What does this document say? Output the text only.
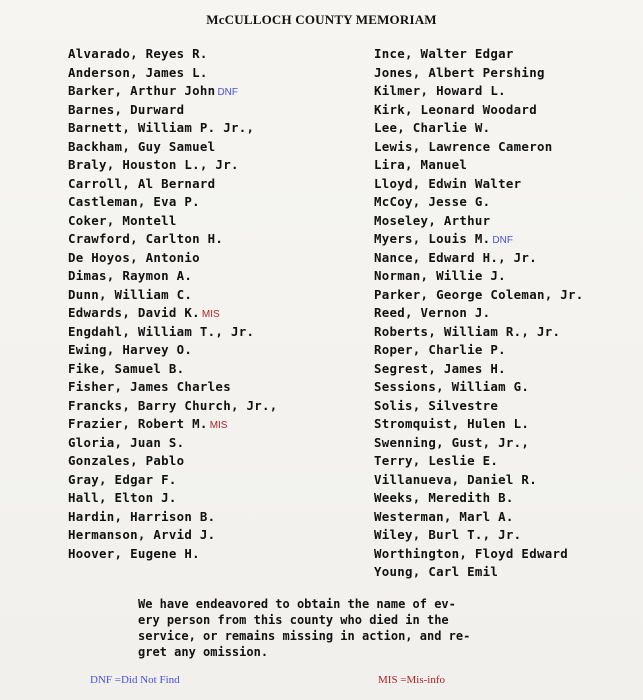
McCULLOCH COUNTY MEMORIAM
Alvarado, Reyes R.
Anderson, James L.
Barker, Arthur John DNF
Barnes, Durward
Barnett, William P. Jr.,
Backham, Guy Samuel
Braly, Houston L., Jr.
Carroll, Al Bernard
Castleman, Eva P.
Coker, Montell
Crawford, Carlton H.
De Hoyos, Antonio
Dimas, Raymon A.
Dunn, William C.
Edwards, David K. MIS
Engdahl, William T., Jr.
Ewing, Harvey O.
Fike, Samuel B.
Fisher, James Charles
Francks, Barry Church, Jr.,
Frazier, Robert M. MIS
Gloria, Juan S.
Gonzales, Pablo
Gray, Edgar F.
Hall, Elton J.
Hardin, Harrison B.
Hermanson, Arvid J.
Hoover, Eugene H.
Ince, Walter Edgar
Jones, Albert Pershing
Kilmer, Howard L.
Kirk, Leonard Woodard
Lee, Charlie W.
Lewis, Lawrence Cameron
Lira, Manuel
Lloyd, Edwin Walter
McCoy, Jesse G.
Moseley, Arthur
Myers, Louis M. DNF
Nance, Edward H., Jr.
Norman, Willie J.
Parker, George Coleman, Jr.
Reed, Vernon J.
Roberts, William R., Jr.
Roper, Charlie P.
Segrest, James H.
Sessions, William G.
Solis, Silvestre
Stromquist, Hulen L.
Swenning, Gust, Jr.,
Terry, Leslie E.
Villanueva, Daniel R.
Weeks, Meredith B.
Westerman, Marl A.
Wiley, Burl T., Jr.
Worthington, Floyd Edward
Young, Carl Emil
We have endeavored to obtain the name of ev-
ery person from this county who died in the
service, or remains missing in action, and re-
gret any omission.
DNF =Did Not Find	MIS =Mis-info
